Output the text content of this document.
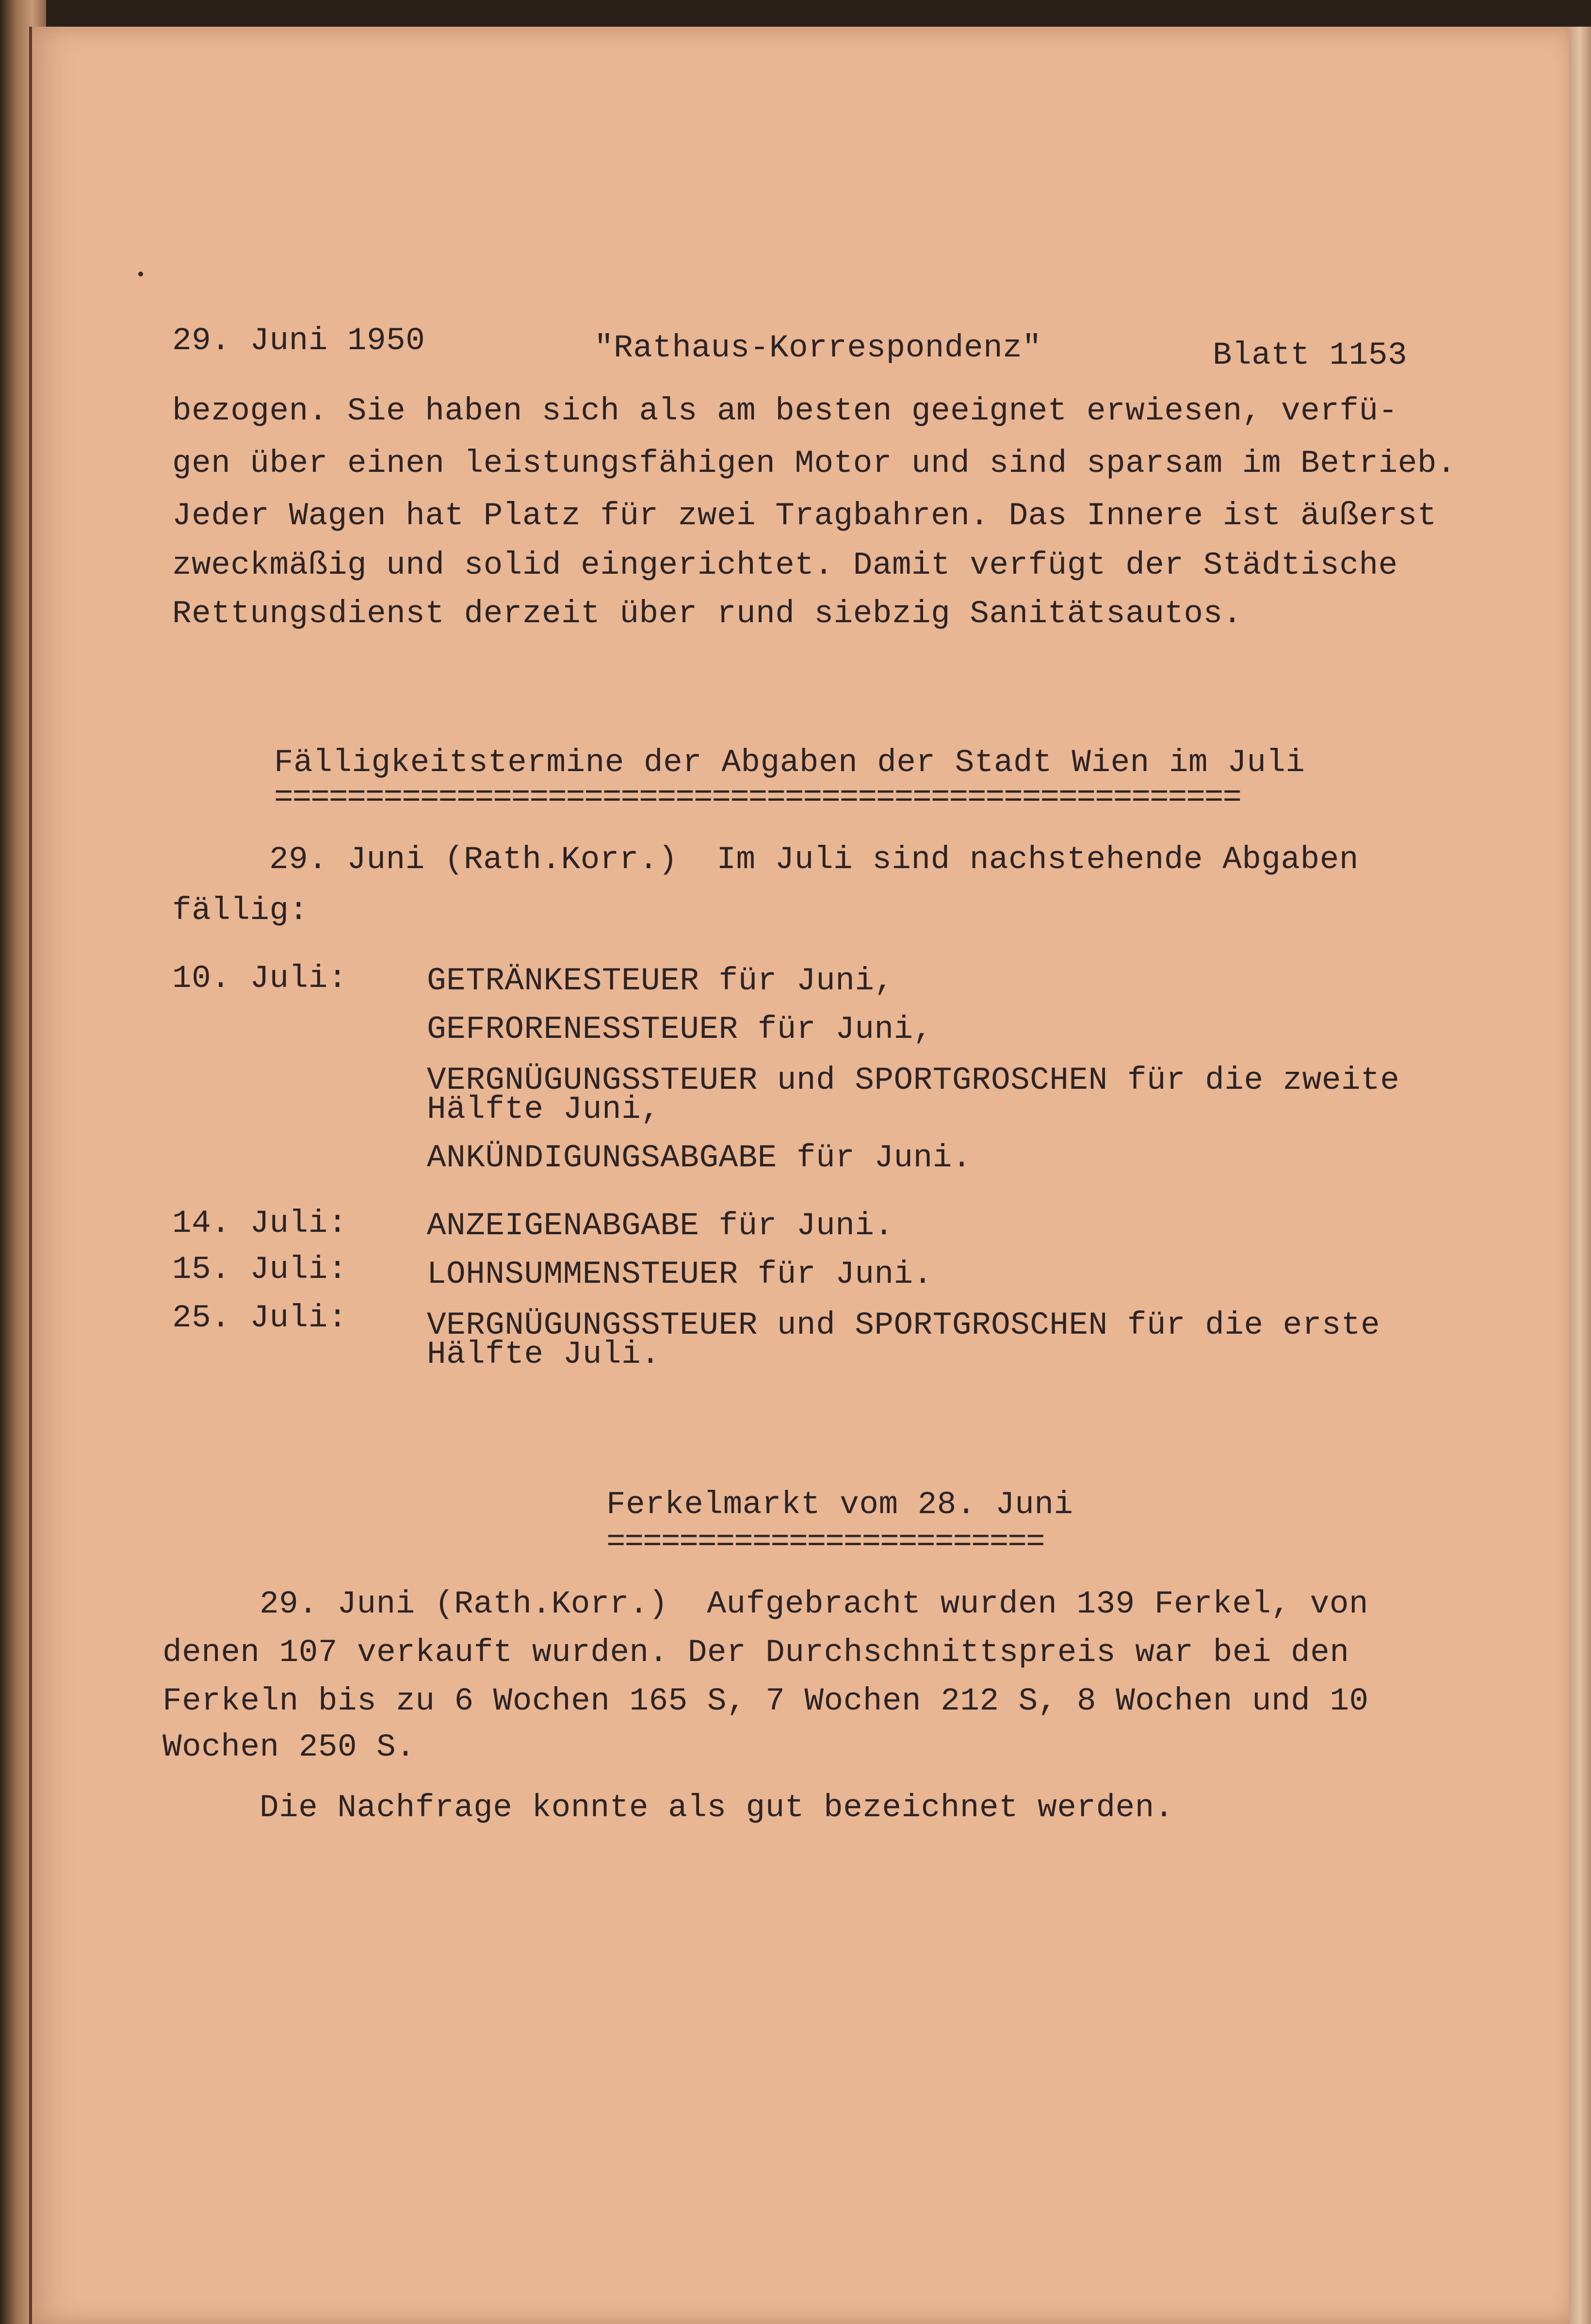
29. Juni 1950	"Rathaus-Korrespondenz"	Blatt 1153
bezogen. Sie haben sich als am besten geeignet erwiesen, verfü-
gen über einen leistungsfähigen Motor und sind sparsam im Betrieb.
Jeder Wagen hat Platz für zwei Tragbahren. Das Innere ist äußerst
zweckmäßig und solid eingerichtet. Damit verfügt der Städtische
Rettungsdienst derzeit über rund siebzig Sanitätsautos.
Fälligkeitstermine der Abgaben der Stadt Wien im Juli
=====================================================
29. Juni (Rath.Korr.)  Im Juli sind nachstehende Abgaben
fällig:
10. Juli: GETRÄNKESTEUER für Juni,
GEFRORENESSTEUER für Juni,
VERGNÜGUNGSSTEUER und SPORTGROSCHEN für die zweite
Hälfte Juni,
ANKÜNDIGUNGSABGABE für Juni.
14. Juli: ANZEIGENABGABE für Juni.
15. Juli: LOHNSUMMENSTEUER für Juni.
25. Juli: VERGNÜGUNGSSTEUER und SPORTGROSCHEN für die erste
Hälfte Juli.
Ferkelmarkt vom 28. Juni
========================
29. Juni (Rath.Korr.)  Aufgebracht wurden 139 Ferkel, von
denen 107 verkauft wurden. Der Durchschnittspreis war bei den
Ferkeln bis zu 6 Wochen 165 S, 7 Wochen 212 S, 8 Wochen und 10
Wochen 250 S.
Die Nachfrage konnte als gut bezeichnet werden.
